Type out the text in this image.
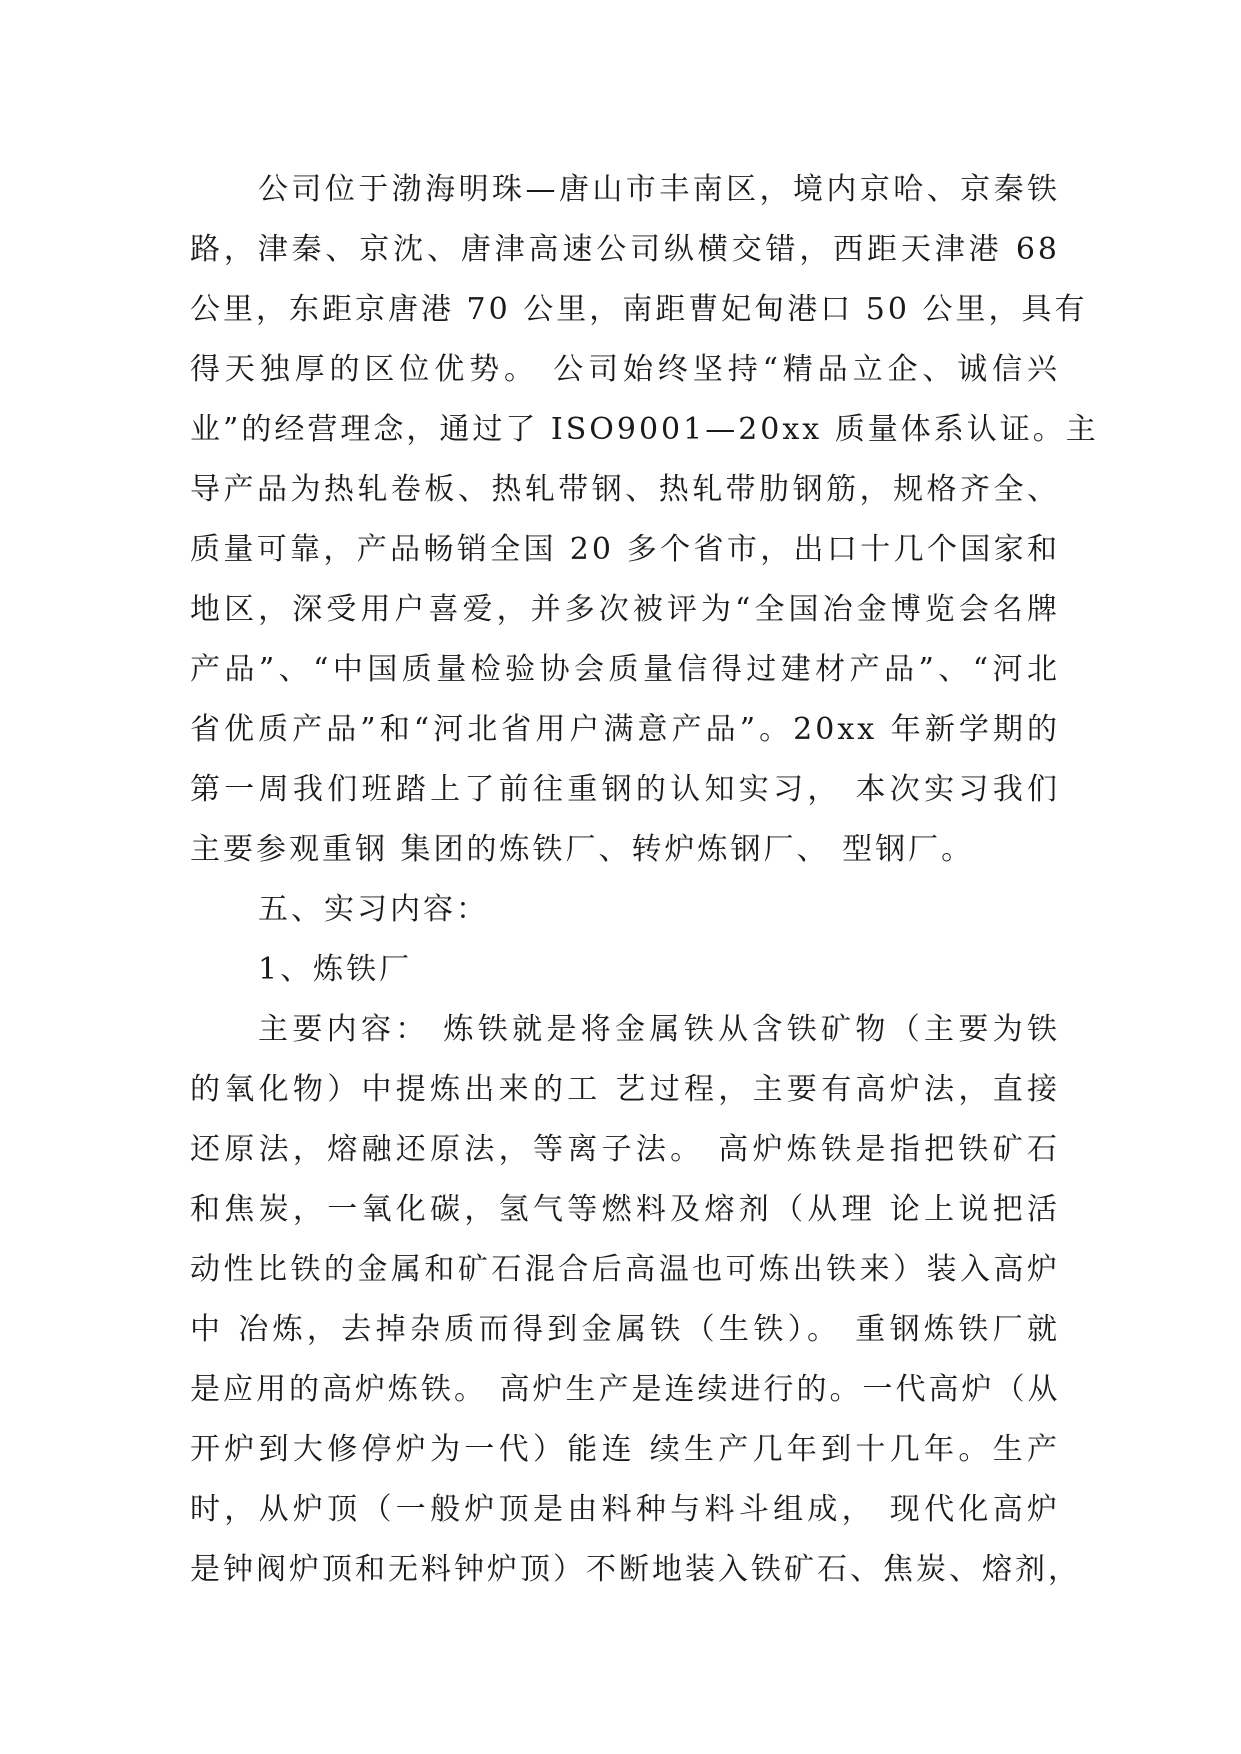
公司位于渤海明珠—唐山市丰南区，境内京哈、京秦铁
路，津秦、京沈、唐津高速公司纵横交错，西距天津港 68
公里，东距京唐港 70 公里，南距曹妃甸港口 50 公里，具有
得天独厚的区位优势。 公司始终坚持“精品立企、诚信兴
业”的经营理念，通过了 ISO9001—20xx 质量体系认证。主
导产品为热轧卷板、热轧带钢、热轧带肋钢筋，规格齐全、
质量可靠，产品畅销全国 20 多个省市，出口十几个国家和
地区，深受用户喜爱，并多次被评为“全国冶金博览会名牌
产品”、“中国质量检验协会质量信得过建材产品”、“河北
省优质产品”和“河北省用户满意产品”。20xx 年新学期的
第一周我们班踏上了前往重钢的认知实习， 本次实习我们
主要参观重钢 集团的炼铁厂、转炉炼钢厂、 型钢厂。
五、实习内容：
1、炼铁厂
主要内容： 炼铁就是将金属铁从含铁矿物（主要为铁
的氧化物）中提炼出来的工 艺过程，主要有高炉法，直接
还原法，熔融还原法，等离子法。 高炉炼铁是指把铁矿石
和焦炭，一氧化碳，氢气等燃料及熔剂（从理 论上说把活
动性比铁的金属和矿石混合后高温也可炼出铁来）装入高炉
中 冶炼，去掉杂质而得到金属铁（生铁）。 重钢炼铁厂就
是应用的高炉炼铁。 高炉生产是连续进行的。一代高炉（从
开炉到大修停炉为一代）能连 续生产几年到十几年。生产
时，从炉顶（一般炉顶是由料种与料斗组成， 现代化高炉
是钟阀炉顶和无料钟炉顶）不断地装入铁矿石、焦炭、熔剂，
